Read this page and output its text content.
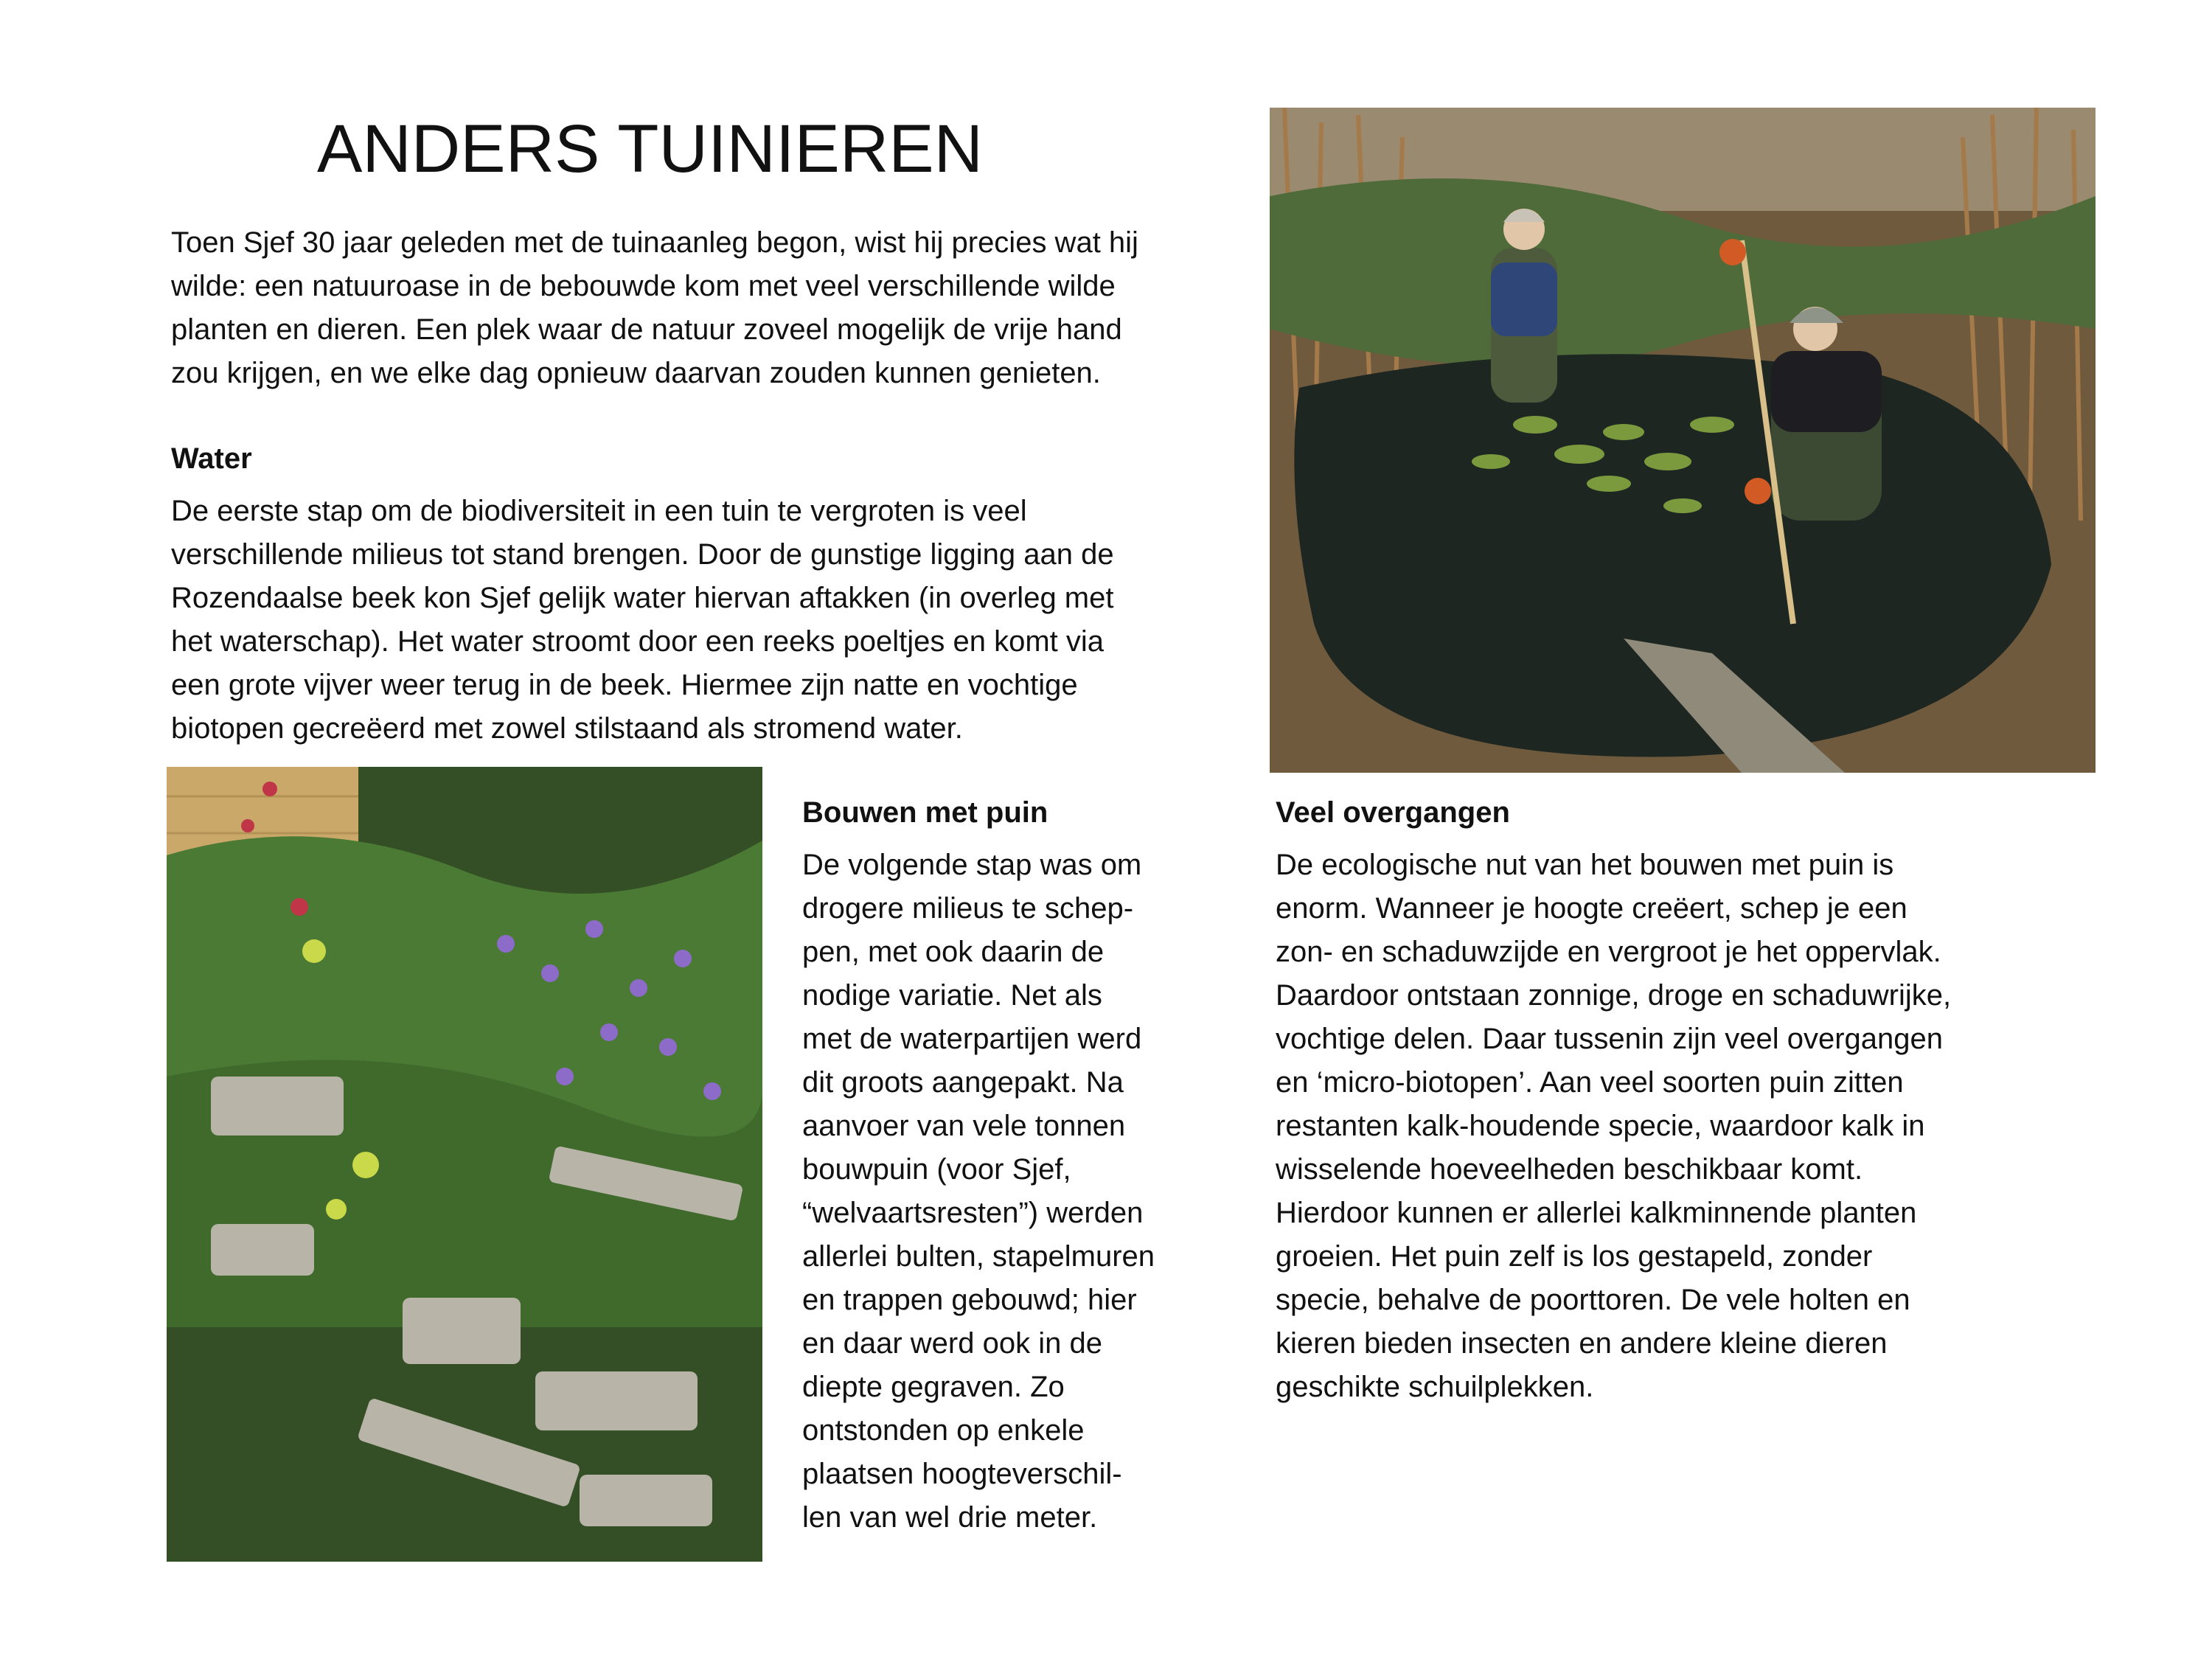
ANDERS TUINIEREN
Toen Sjef 30 jaar geleden met de tuinaanleg begon, wist hij precies wat hij
wilde: een natuuroase in de bebouwde kom met veel verschillende wilde
planten en dieren. Een plek waar de natuur zoveel mogelijk de vrije hand
zou krijgen, en we elke dag opnieuw daarvan zouden kunnen genieten.
Water
De eerste stap om de biodiversiteit in een tuin te vergroten is veel
verschillende milieus tot stand brengen. Door de gunstige ligging aan de
Rozendaalse beek kon Sjef gelijk water hiervan aftakken (in overleg met
het waterschap). Het water stroomt door een reeks poeltjes en komt via
een grote vijver weer terug in de beek. Hiermee zijn natte en vochtige
biotopen gecreëerd met zowel stilstaand als stromend water.
Bouwen met puin
De volgende stap was om
drogere milieus te schep-
pen, met ook daarin de
nodige variatie. Net als
met de waterpartijen werd
dit groots aangepakt. Na
aanvoer van vele tonnen
bouwpuin (voor Sjef,
“welvaartsresten”) werden
allerlei bulten, stapelmuren
en trappen gebouwd; hier
en daar werd ook in de
diepte gegraven. Zo
ontstonden op enkele
plaatsen hoogteverschil-
len van wel drie meter.
Veel overgangen
De ecologische nut van het bouwen met puin is
enorm. Wanneer je hoogte creëert, schep je een
zon- en schaduwzijde en vergroot je het oppervlak.
Daardoor ontstaan zonnige, droge en schaduwrijke,
vochtige delen. Daar tussenin zijn veel overgangen
en ‘micro-biotopen’. Aan veel soorten puin zitten
restanten kalk-houdende specie, waardoor kalk in
wisselende hoeveelheden beschikbaar komt.
Hierdoor kunnen er allerlei kalkminnende planten
groeien. Het puin zelf is los gestapeld, zonder
specie, behalve de poorttoren. De vele holten en
kieren bieden insecten en andere kleine dieren
geschikte schuilplekken.
